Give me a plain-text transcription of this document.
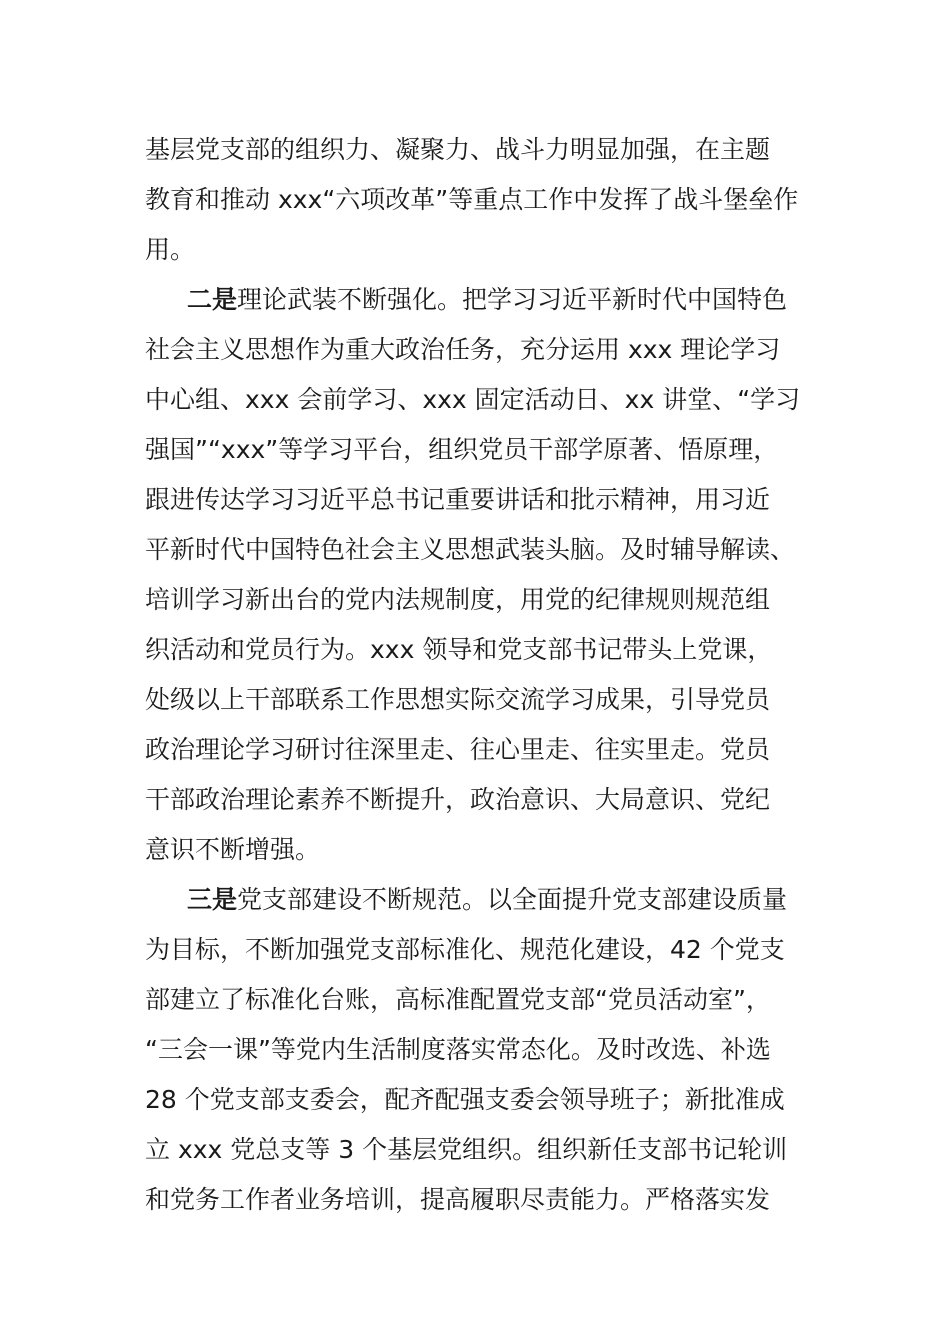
基层党支部的组织力、凝聚力、战斗力明显加强，在主题
教育和推动 xxx“六项改革”等重点工作中发挥了战斗堡垒作
用。
二是理论武装不断强化。把学习习近平新时代中国特色
社会主义思想作为重大政治任务，充分运用 xxx 理论学习
中心组、xxx 会前学习、xxx 固定活动日、xx 讲堂、“学习
强国”“xxx”等学习平台，组织党员干部学原著、悟原理，
跟进传达学习习近平总书记重要讲话和批示精神，用习近
平新时代中国特色社会主义思想武装头脑。及时辅导解读、
培训学习新出台的党内法规制度，用党的纪律规则规范组
织活动和党员行为。xxx 领导和党支部书记带头上党课，
处级以上干部联系工作思想实际交流学习成果，引导党员
政治理论学习研讨往深里走、往心里走、往实里走。党员
干部政治理论素养不断提升，政治意识、大局意识、党纪
意识不断增强。
三是党支部建设不断规范。以全面提升党支部建设质量
为目标，不断加强党支部标准化、规范化建设，42 个党支
部建立了标准化台账，高标准配置党支部“党员活动室”，
“三会一课”等党内生活制度落实常态化。及时改选、补选
28 个党支部支委会，配齐配强支委会领导班子；新批准成
立 xxx 党总支等 3 个基层党组织。组织新任支部书记轮训
和党务工作者业务培训，提高履职尽责能力。严格落实发
